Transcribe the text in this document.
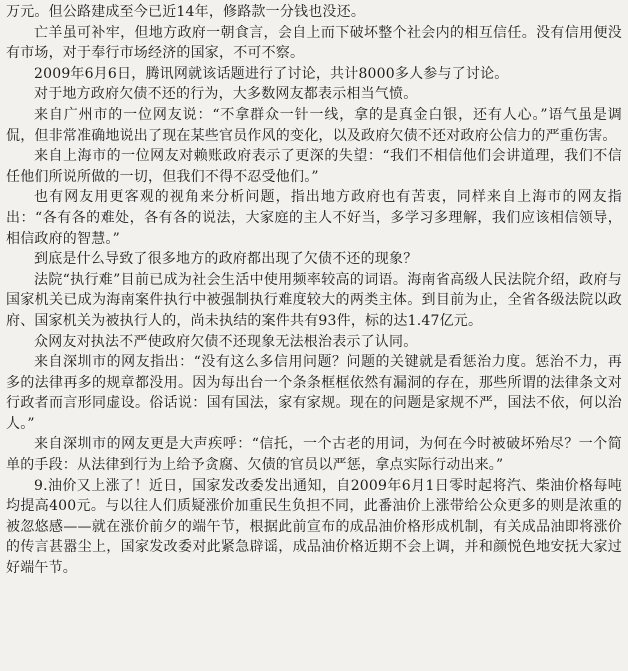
万元。但公路建成至今已近14年，修路款一分钱也没还。

亡羊虽可补牢，但地方政府一朝食言，会自上而下破坏整个社会内的相互信任。没有信用便没有市场，对于奉行市场经济的国家，不可不察。

2009年6月6日，腾讯网就该话题进行了讨论，共计8000多人参与了讨论。

对于地方政府欠债不还的行为，大多数网友都表示相当气愤。

来自广州市的一位网友说：“不拿群众一针一线，拿的是真金白银，还有人心。”语气虽是调侃，但非常准确地说出了现在某些官员作风的变化，以及政府欠债不还对政府公信力的严重伤害。

来自上海市的一位网友对赖账政府表示了更深的失望：“我们不相信他们会讲道理，我们不信任他们所说所做的一切，但我们不得不忍受他们。”

也有网友用更客观的视角来分析问题，指出地方政府也有苦衷，同样来自上海市的网友指出：“各有各的难处，各有各的说法，大家庭的主人不好当，多学习多理解，我们应该相信领导，相信政府的智慧。”

到底是什么导致了很多地方的政府都出现了欠债不还的现象？

法院“执行难”目前已成为社会生活中使用频率较高的词语。海南省高级人民法院介绍，政府与国家机关已成为海南案件执行中被强制执行难度较大的两类主体。到目前为止，全省各级法院以政府、国家机关为被执行人的，尚未执结的案件共有93件，标的达1.47亿元。

众网友对执法不严使政府欠债不还现象无法根治表示了认同。

来自深圳市的网友指出：“没有这么多信用问题？问题的关键就是看惩治力度。惩治不力，再多的法律再多的规章都没用。因为每出台一个条条框框依然有漏洞的存在，那些所谓的法律条文对行政者而言形同虚设。俗话说：国有国法，家有家规。现在的问题是家规不严，国法不依，何以治人。”

来自深圳市的网友更是大声疾呼：“信托，一个古老的用词，为何在今时被破坏殆尽？一个简单的手段：从法律到行为上给予贪腐、欠债的官员以严惩，拿点实际行动出来。”

9.油价又上涨了！近日，国家发改委发出通知，自2009年6月1日零时起将汽、柴油价格每吨均提高400元。与以往人们质疑涨价加重民生负担不同，此番油价上涨带给公众更多的则是浓重的被忽悠感——就在涨价前夕的端午节，根据此前宣布的成品油价格形成机制，有关成品油即将涨价的传言甚嚣尘上，国家发改委对此紧急辟谣，成品油价格近期不会上调，并和颜悦色地安抚大家过好端午节。
